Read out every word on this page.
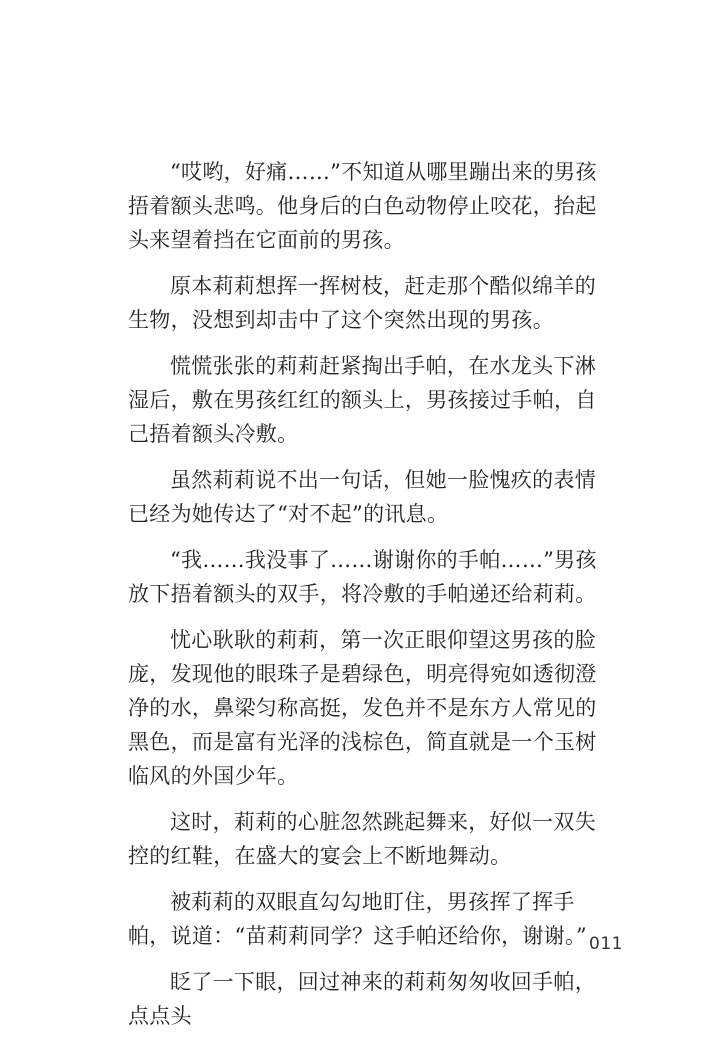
“哎哟，好痛……”不知道从哪里蹦出来的男孩捂着额头悲鸣。他身后的白色动物停止咬花，抬起头来望着挡在它面前的男孩。

原本莉莉想挥一挥树枝，赶走那个酷似绵羊的生物，没想到却击中了这个突然出现的男孩。

慌慌张张的莉莉赶紧掏出手帕，在水龙头下淋湿后，敷在男孩红红的额头上，男孩接过手帕，自己捂着额头冷敷。

虽然莉莉说不出一句话，但她一脸愧疚的表情已经为她传达了“对不起”的讯息。

“我……我没事了……谢谢你的手帕……”男孩放下捂着额头的双手，将冷敷的手帕递还给莉莉。

忧心耿耿的莉莉，第一次正眼仰望这男孩的脸庞，发现他的眼珠子是碧绿色，明亮得宛如透彻澄净的水，鼻梁匀称高挺，发色并不是东方人常见的黑色，而是富有光泽的浅棕色，简直就是一个玉树临风的外国少年。

这时，莉莉的心脏忽然跳起舞来，好似一双失控的红鞋，在盛大的宴会上不断地舞动。

被莉莉的双眼直勾勾地盯住，男孩挥了挥手帕，说道：“苗莉莉同学？这手帕还给你，谢谢。”

眨了一下眼，回过神来的莉莉匆匆收回手帕，点点头

011
